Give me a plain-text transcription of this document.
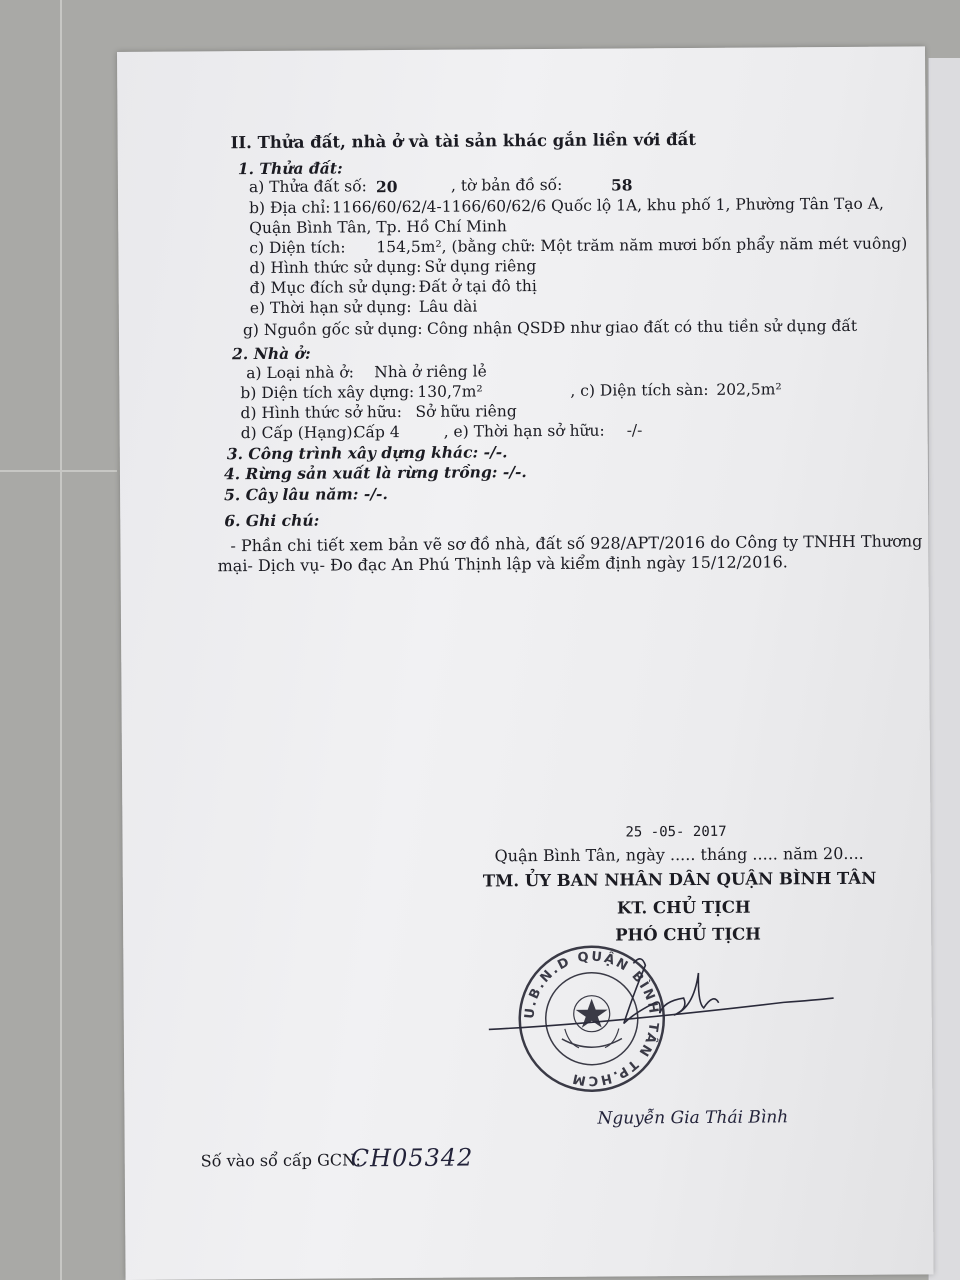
II. Thửa đất, nhà ở và tài sản khác gắn liền với đất
1. Thửa đất:
a) Thửa đất số: 20	, tờ bản đồ số:	58
b) Địa chỉ: 1166/60/62/4-1166/60/62/6 Quốc lộ 1A, khu phố 1, Phường Tân Tạo A,
Quận Bình Tân, Tp. Hồ Chí Minh
c) Diện tích: 154,5m², (bằng chữ: Một trăm năm mươi bốn phẩy năm mét vuông)
d) Hình thức sử dụng: Sử dụng riêng
đ) Mục đích sử dụng: Đất ở tại đô thị
e) Thời hạn sử dụng: Lâu dài
g) Nguồn gốc sử dụng: Công nhận QSDĐ như giao đất có thu tiền sử dụng đất
2. Nhà ở:
a) Loại nhà ở: Nhà ở riêng lẻ
b) Diện tích xây dựng: 130,7m²	, c) Diện tích sàn: 202,5m²
d) Hình thức sở hữu: Sở hữu riêng
d) Cấp (Hạng):
Cấp 4	, e) Thời hạn sở hữu: -/-
3. Công trình xây dựng khác: -/-.
4. Rừng sản xuất là rừng trồng: -/-.
5. Cây lâu năm: -/-.
6. Ghi chú:
- Phần chi tiết xem bản vẽ sơ đồ nhà, đất số 928/APT/2016 do Công ty TNHH Thương
mại- Dịch vụ- Đo đạc An Phú Thịnh lập và kiểm định ngày 15/12/2016.
25 -05- 2017
Quận Bình Tân, ngày ..... tháng ..... năm 20....
TM. ỦY BAN NHÂN DÂN QUẬN BÌNH TÂN
KT. CHỦ TỊCH
PHÓ CHỦ TỊCH
U.B.N.D QUẬN BÌNH TÂN TP.HCM
Nguyễn Gia Thái Bình
Số vào sổ cấp GCN:
CH05342
